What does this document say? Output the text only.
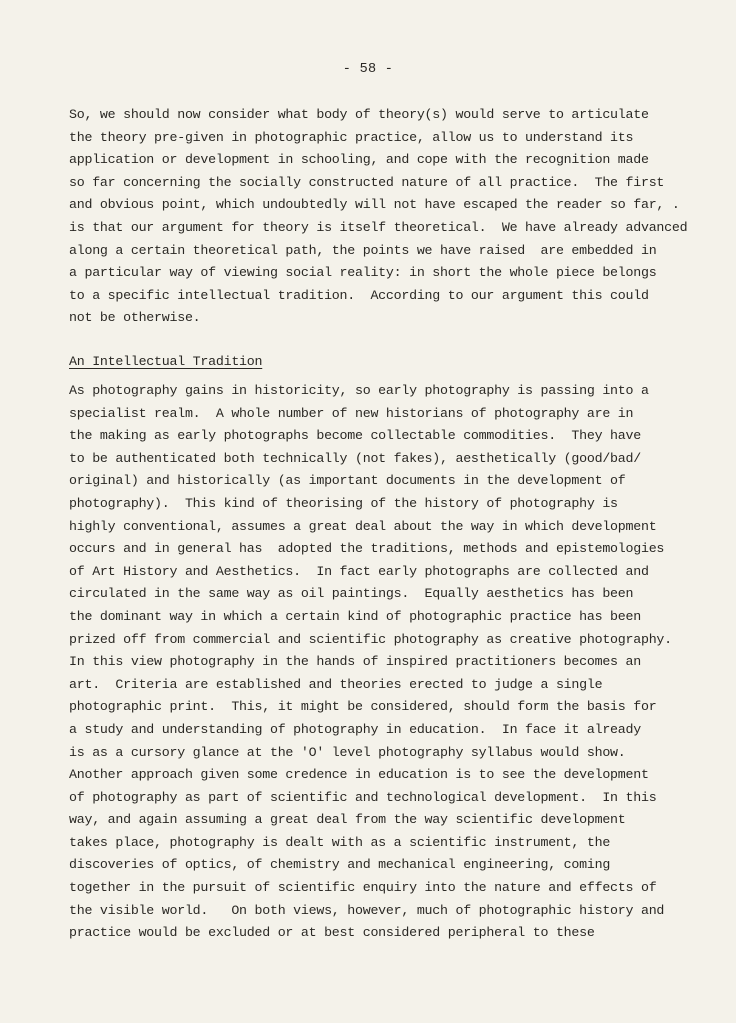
- 58 -
So, we should now consider what body of theory(s) would serve to articulate
the theory pre-given in photographic practice, allow us to understand its
application or development in schooling, and cope with the recognition made
so far concerning the socially constructed nature of all practice.  The first
and obvious point, which undoubtedly will not have escaped the reader so far, .
is that our argument for theory is itself theoretical.  We have already advanced
along a certain theoretical path, the points we have raised  are embedded in
a particular way of viewing social reality: in short the whole piece belongs
to a specific intellectual tradition.  According to our argument this could
not be otherwise.
An Intellectual Tradition
As photography gains in historicity, so early photography is passing into a
specialist realm.  A whole number of new historians of photography are in
the making as early photographs become collectable commodities.  They have
to be authenticated both technically (not fakes), aesthetically (good/bad/
original) and historically (as important documents in the development of
photography).  This kind of theorising of the history of photography is
highly conventional, assumes a great deal about the way in which development
occurs and in general has  adopted the traditions, methods and epistemologies
of Art History and Aesthetics.  In fact early photographs are collected and
circulated in the same way as oil paintings.  Equally aesthetics has been
the dominant way in which a certain kind of photographic practice has been
prized off from commercial and scientific photography as creative photography.
In this view photography in the hands of inspired practitioners becomes an
art.  Criteria are established and theories erected to judge a single
photographic print.  This, it might be considered, should form the basis for
a study and understanding of photography in education.  In face it already
is as a cursory glance at the 'O' level photography syllabus would show.
Another approach given some credence in education is to see the development
of photography as part of scientific and technological development.  In this
way, and again assuming a great deal from the way scientific development
takes place, photography is dealt with as a scientific instrument, the
discoveries of optics, of chemistry and mechanical engineering, coming
together in the pursuit of scientific enquiry into the nature and effects of
the visible world.   On both views, however, much of photographic history and
practice would be excluded or at best considered peripheral to these
